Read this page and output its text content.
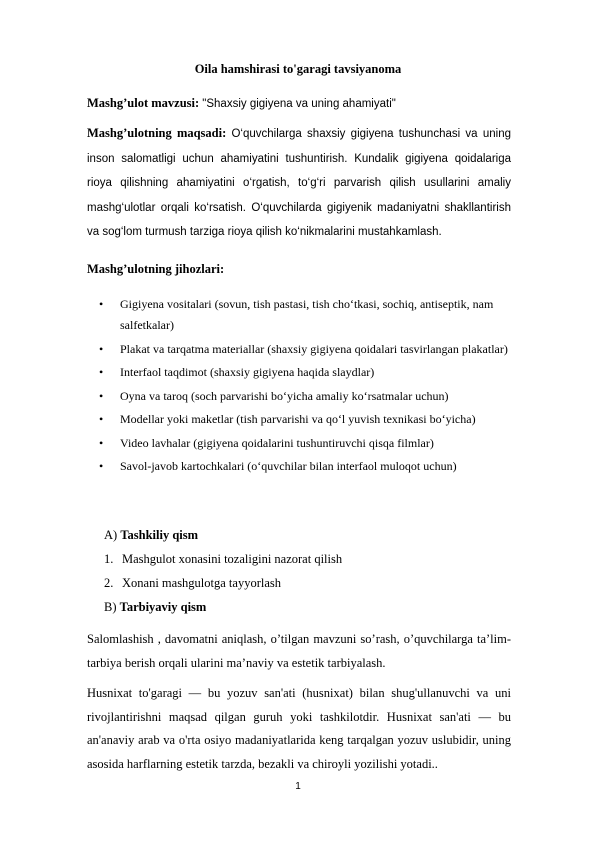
Oila hamshirasi to'garagi tavsiyanoma
Mashg’ulot mavzusi: "Shaxsiy gigiyena va uning ahamiyati"
Mashg’ulotning maqsadi: O‘quvchilarga shaxsiy gigiyena tushunchasi va uning inson salomatligi uchun ahamiyatini tushuntirish. Kundalik gigiyena qoidalariga rioya qilishning ahamiyatini o‘rgatish, to‘g‘ri parvarish qilish usullarini amaliy mashg‘ulotlar orqali ko‘rsatish. O‘quvchilarda gigiyenik madaniyatni shakllantirish va sog‘lom turmush tarziga rioya qilish ko‘nikmalarini mustahkamlash.
Mashg’ulotning jihozlari:
• Gigiyena vositalari (sovun, tish pastasi, tish cho‘tkasi, sochiq, antiseptik, nam salfetkalar)
• Plakat va tarqatma materiallar (shaxsiy gigiyena qoidalari tasvirlangan plakatlar)
• Interfaol taqdimot (shaxsiy gigiyena haqida slaydlar)
• Oyna va taroq (soch parvarishi bo‘yicha amaliy ko‘rsatmalar uchun)
• Modellar yoki maketlar (tish parvarishi va qo‘l yuvish texnikasi bo‘yicha)
• Video lavhalar (gigiyena qoidalarini tushuntiruvchi qisqa filmlar)
• Savol-javob kartochkalari (o‘quvchilar bilan interfaol muloqot uchun)
A) Tashkiliy qism
1. Mashgulot xonasini tozaligini nazorat qilish
2. Xonani mashgulotga tayyorlash
B) Tarbiyaviy qism
Salomlashish , davomatni aniqlash, o’tilgan mavzuni so’rash, o’quvchilarga ta’lim-tarbiya berish orqali ularini ma’naviy va estetik tarbiyalash.
Husnixat to'garagi — bu yozuv san'ati (husnixat) bilan shug'ullanuvchi va uni rivojlantirishni maqsad qilgan guruh yoki tashkilotdir. Husnixat san'ati — bu an'anaviy arab va o'rta osiyo madaniyatlarida keng tarqalgan yozuv uslubidir, uning asosida harflarning estetik tarzda, bezakli va chiroyli yozilishi yotadi..
1
